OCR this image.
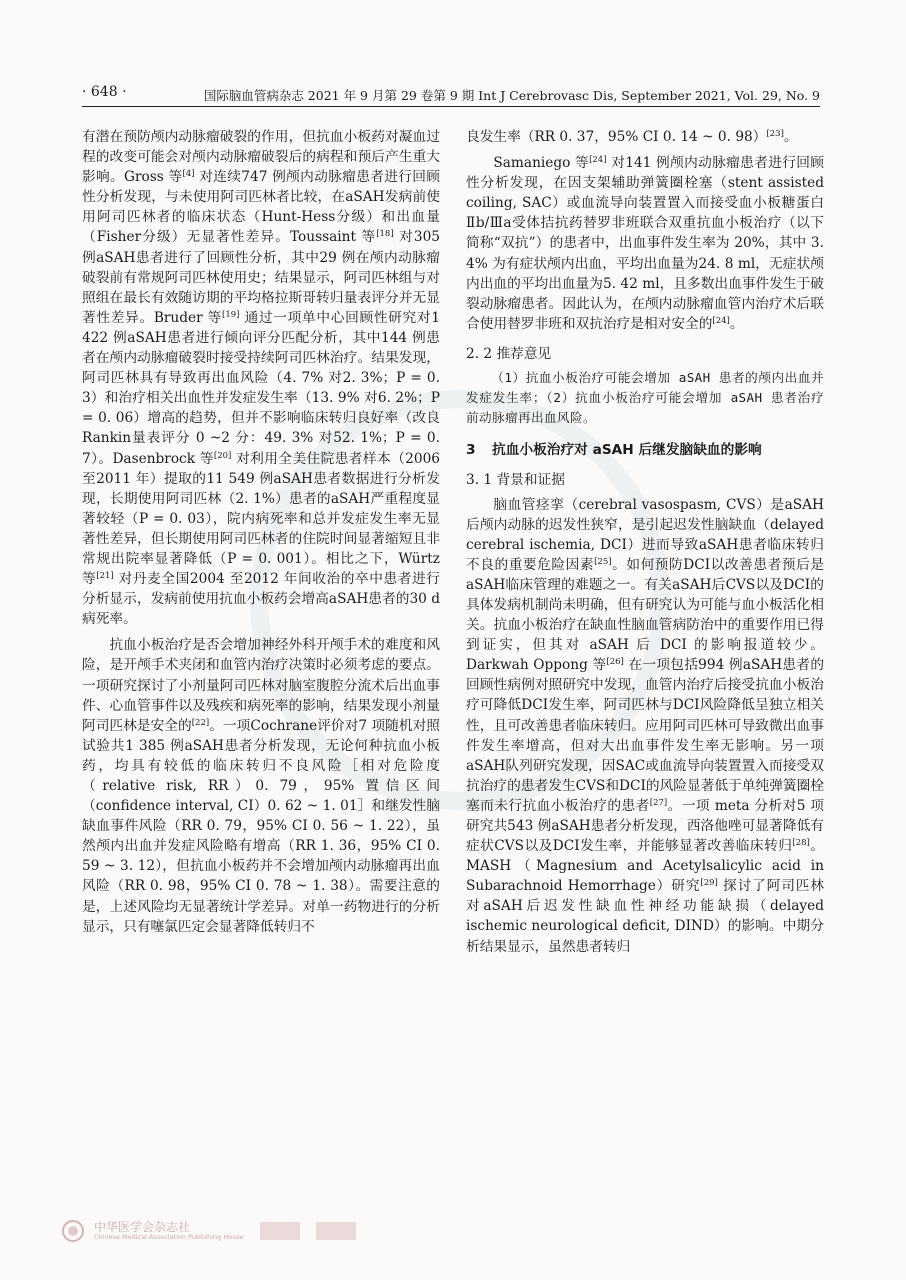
· 648 ·	国际脑血管病杂志 2021 年 9 月第 29 卷第 9 期 Int J Cerebrovasc Dis, September 2021, Vol. 29, No. 9

有潜在预防颅内动脉瘤破裂的作用，但抗血小板药对凝血过程的改变可能会对颅内动脉瘤破裂后的病程和预后产生重大影响。Gross 等[4] 对连续747 例颅内动脉瘤患者进行回顾性分析发现，与未使用阿司匹林者比较，在aSAH发病前使用阿司匹林者的临床状态（Hunt-Hess分级）和出血量（Fisher分级）无显著性差异。Toussaint 等[18] 对305 例aSAH患者进行了回顾性分析，其中29 例在颅内动脉瘤破裂前有常规阿司匹林使用史；结果显示，阿司匹林组与对照组在最长有效随访期的平均格拉斯哥转归量表评分并无显著性差异。Bruder 等[19] 通过一项单中心回顾性研究对1 422 例aSAH患者进行倾向评分匹配分析，其中144 例患者在颅内动脉瘤破裂时接受持续阿司匹林治疗。结果发现，阿司匹林具有导致再出血风险（4. 7% 对2. 3%；P = 0. 3）和治疗相关出血性并发症发生率（13. 9% 对6. 2%；P = 0. 06）增高的趋势，但并不影响临床转归良好率（改良Rankin量表评分 0 ~2 分：49. 3% 对52. 1%；P = 0. 7）。Dasenbrock 等[20] 对利用全美住院患者样本（2006 至2011 年）提取的11 549 例aSAH患者数据进行分析发现，长期使用阿司匹林（2. 1%）患者的aSAH严重程度显著较轻（P = 0. 03），院内病死率和总并发症发生率无显著性差异，但长期使用阿司匹林者的住院时间显著缩短且非常规出院率显著降低（P = 0. 001）。相比之下，Würtz 等[21] 对丹麦全国2004 至2012 年间收治的卒中患者进行分析显示，发病前使用抗血小板药会增高aSAH患者的30 d病死率。

抗血小板治疗是否会增加神经外科开颅手术的难度和风险，是开颅手术夹闭和血管内治疗决策时必须考虑的要点。一项研究探讨了小剂量阿司匹林对脑室腹腔分流术后出血事件、心血管事件以及残疾和病死率的影响，结果发现小剂量阿司匹林是安全的[22]。一项Cochrane评价对7 项随机对照试验共1 385 例aSAH患者分析发现，无论何种抗血小板药，均具有较低的临床转归不良风险［相对危险度（relative risk, RR）0. 79，95% 置信区间（confidence interval, CI）0. 62 ~ 1. 01］和继发性脑缺血事件风险（RR 0. 79，95% CI 0. 56 ~ 1. 22），虽然颅内出血并发症风险略有增高（RR 1. 36，95% CI 0. 59 ~ 3. 12），但抗血小板药并不会增加颅内动脉瘤再出血风险（RR 0. 98，95% CI 0. 78 ~ 1. 38）。需要注意的是，上述风险均无显著统计学差异。对单一药物进行的分析显示，只有噻氯匹定会显著降低转归不

良发生率（RR 0. 37，95% CI 0. 14 ~ 0. 98）[23]。

Samaniego 等[24] 对141 例颅内动脉瘤患者进行回顾性分析发现，在因支架辅助弹簧圈栓塞（stent assisted coiling, SAC）或血流导向装置置入而接受血小板糖蛋白Ⅱb/Ⅲa受体拮抗药替罗非班联合双重抗血小板治疗（以下简称“双抗”）的患者中，出血事件发生率为 20%，其中 3. 4% 为有症状颅内出血，平均出血量为24. 8 ml，无症状颅内出血的平均出血量为5. 42 ml，且多数出血事件发生于破裂动脉瘤患者。因此认为，在颅内动脉瘤血管内治疗术后联合使用替罗非班和双抗治疗是相对安全的[24]。

2. 2 推荐意见

（1）抗血小板治疗可能会增加 aSAH 患者的颅内出血并发症发生率；（2）抗血小板治疗可能会增加 aSAH 患者治疗前动脉瘤再出血风险。

3 抗血小板治疗对 aSAH 后继发脑缺血的影响
3. 1 背景和证据

脑血管痉挛（cerebral vasospasm, CVS）是aSAH后颅内动脉的迟发性狭窄，是引起迟发性脑缺血（delayed cerebral ischemia, DCI）进而导致aSAH患者临床转归不良的重要危险因素[25]。如何预防DCI以改善患者预后是aSAH临床管理的难题之一。有关aSAH后CVS以及DCI的具体发病机制尚未明确，但有研究认为可能与血小板活化相关。抗血小板治疗在缺血性脑血管病防治中的重要作用已得到证实，但其对 aSAH 后 DCI 的影响报道较少。Darkwah Oppong 等[26] 在一项包括994 例aSAH患者的回顾性病例对照研究中发现，血管内治疗后接受抗血小板治疗可降低DCI发生率，阿司匹林与DCI风险降低呈独立相关性，且可改善患者临床转归。应用阿司匹林可导致微出血事件发生率增高，但对大出血事件发生率无影响。另一项aSAH队列研究发现，因SAC或血流导向装置置入而接受双抗治疗的患者发生CVS和DCI的风险显著低于单纯弹簧圈栓塞而未行抗血小板治疗的患者[27]。一项 meta 分析对5 项研究共543 例aSAH患者分析发现，西洛他唑可显著降低有症状CVS以及DCI发生率，并能够显著改善临床转归[28]。MASH（Magnesium and Acetylsalicylic acid in Subarachnoid Hemorrhage）研究[29] 探讨了阿司匹林对aSAH后迟发性缺血性神经功能缺损（delayed ischemic neurological deficit, DIND）的影响。中期分析结果显示，虽然患者转归

中华医学会杂志社
Chinese Medical Association Publishing House
